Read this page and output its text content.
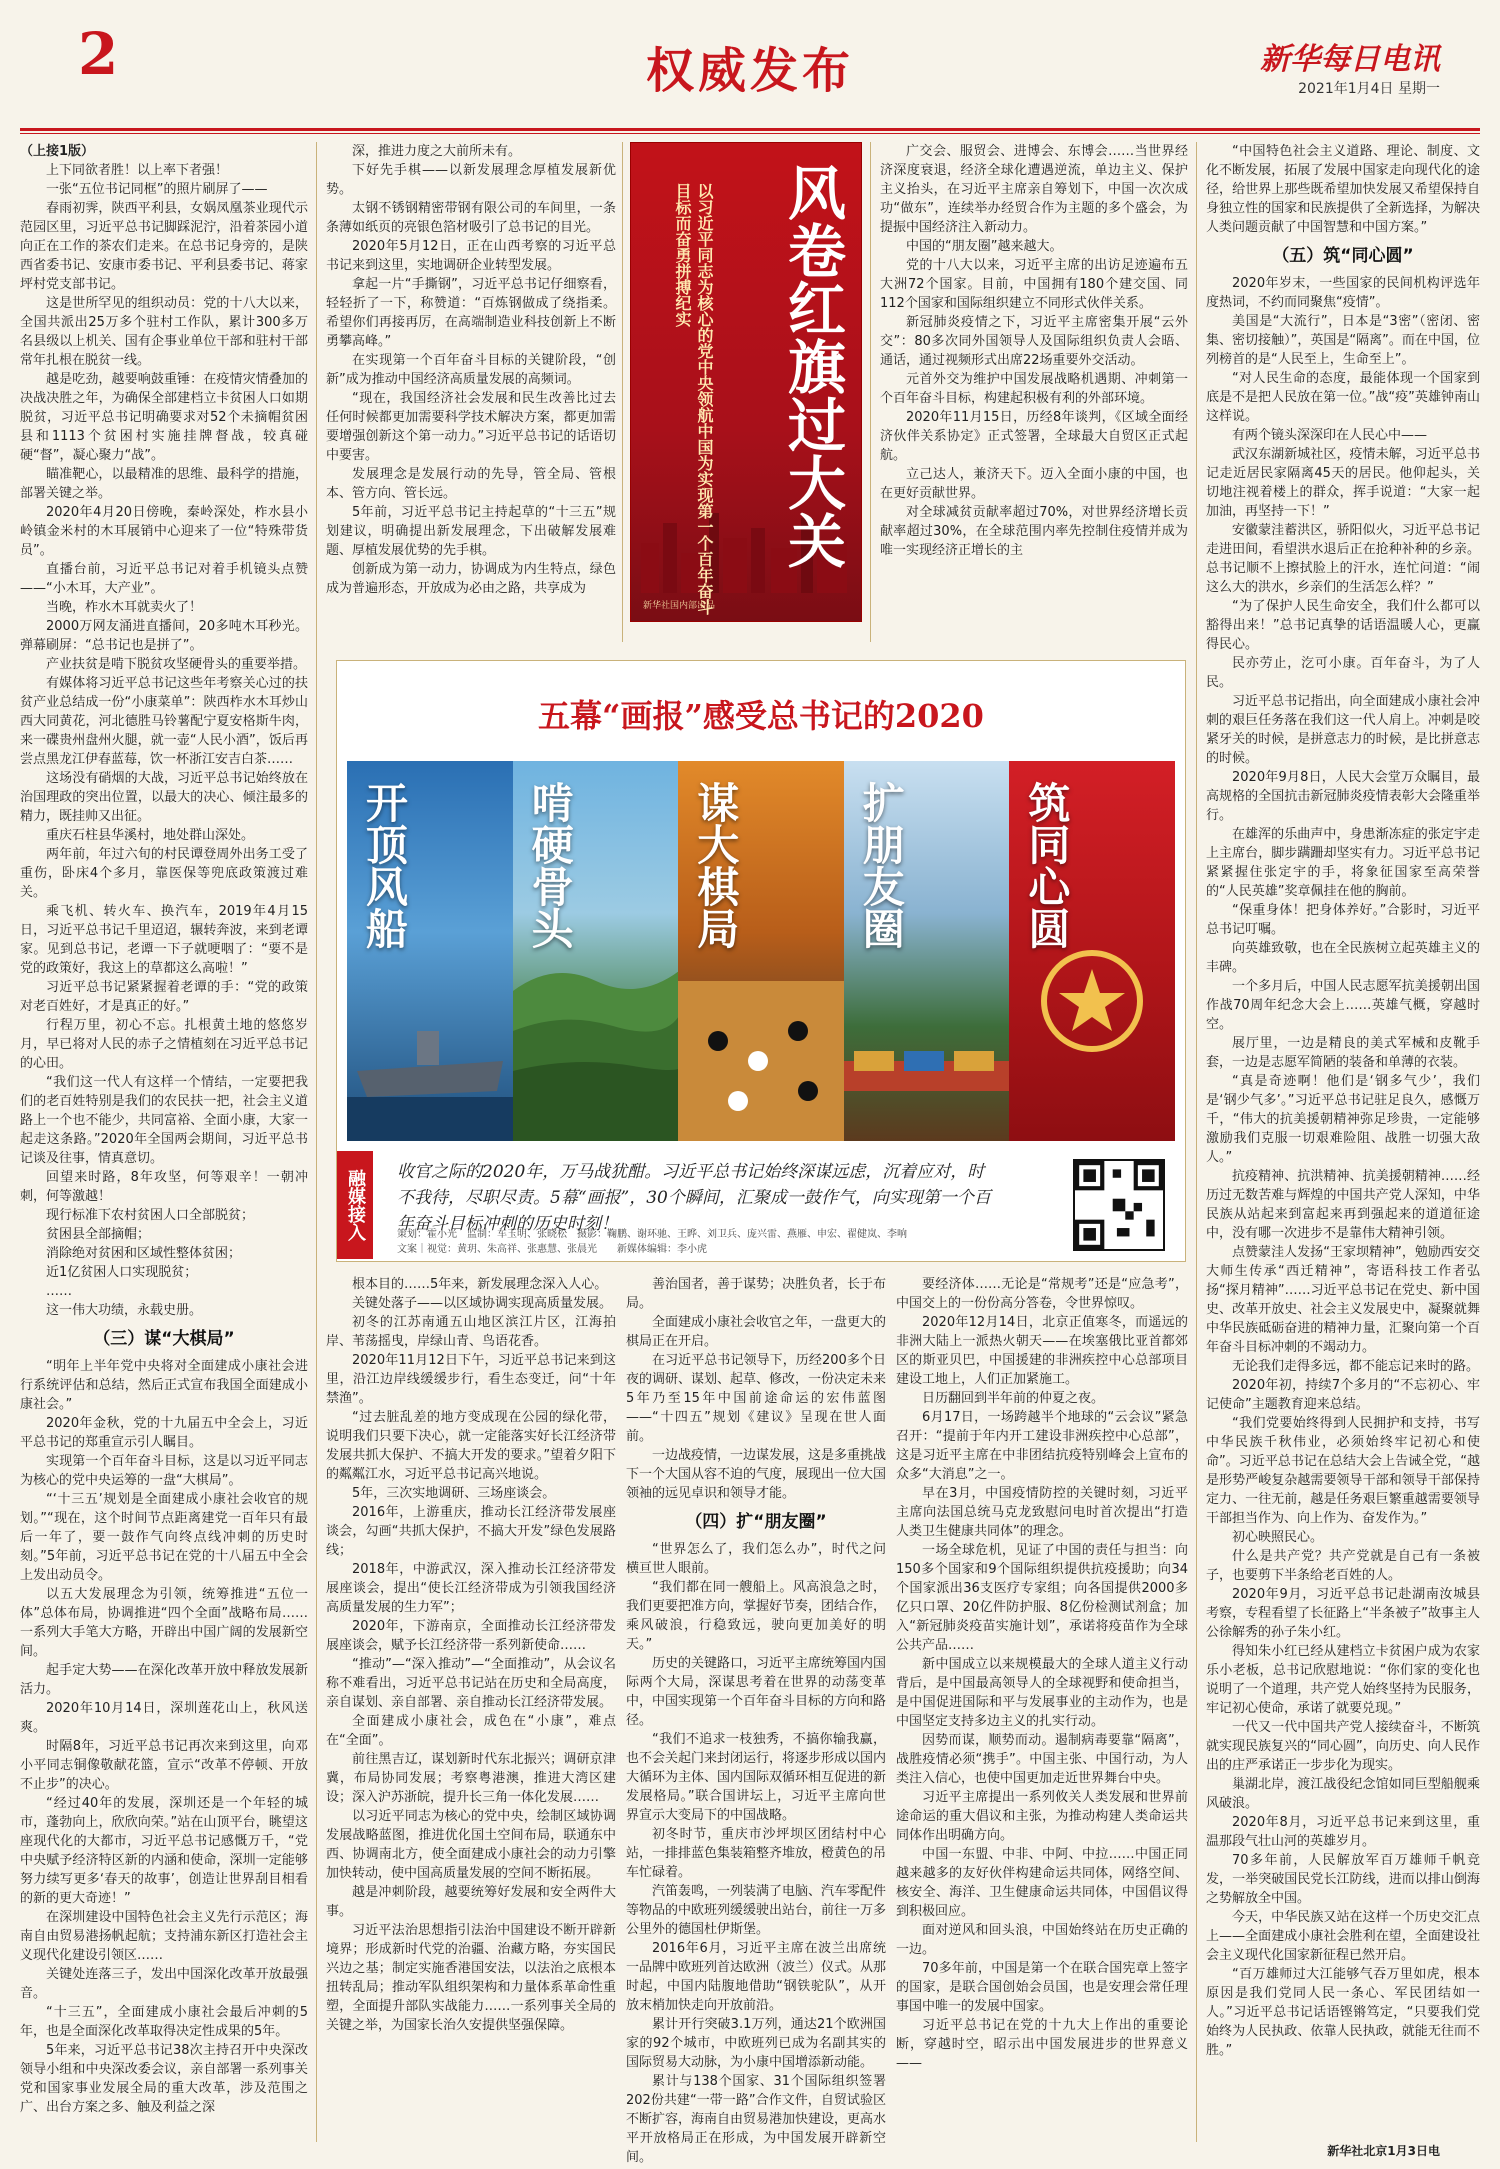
2	权威发布	新华每日电讯
2021年1月4日 星期一

（上接1版）

上下同欲者胜！以上率下者强！

一张“五位书记同框”的照片刷屏了——

春雨初霁，陕西平利县，女娲凤凰茶业现代示范园区里，习近平总书记脚踩泥泞，沿着茶园小道向正在工作的茶农们走来。在总书记身旁的，是陕西省委书记、安康市委书记、平利县委书记、蒋家坪村党支部书记。

这是世所罕见的组织动员：党的十八大以来，全国共派出25万多个驻村工作队，累计300多万名县级以上机关、国有企事业单位干部和驻村干部常年扎根在脱贫一线。

越是吃劲，越要响鼓重锤：在疫情灾情叠加的决战决胜之年，为确保全部建档立卡贫困人口如期脱贫，习近平总书记明确要求对52个未摘帽贫困县和1113个贫困村实施挂牌督战，较真碰硬“督”，凝心聚力“战”。

瞄准靶心，以最精准的思维、最科学的措施，部署关键之举。

2020年4月20日傍晚，秦岭深处，柞水县小岭镇金米村的木耳展销中心迎来了一位“特殊带货员”。

直播台前，习近平总书记对着手机镜头点赞——“小木耳，大产业”。

当晚，柞水木耳就卖火了！

2000万网友涌进直播间，20多吨木耳秒光。弹幕刷屏：“总书记也是拼了”。

产业扶贫是啃下脱贫攻坚硬骨头的重要举措。

有媒体将习近平总书记这些年考察关心过的扶贫产业总结成一份“小康菜单”：陕西柞水木耳炒山西大同黄花，河北德胜马铃薯配宁夏安格斯牛肉，来一碟贵州盘州火腿，就一壶“人民小酒”，饭后再尝点黑龙江伊春蓝莓，饮一杯浙江安吉白茶……

这场没有硝烟的大战，习近平总书记始终放在治国理政的突出位置，以最大的决心、倾注最多的精力，既挂帅又出征。

重庆石柱县华溪村，地处群山深处。

两年前，年过六旬的村民谭登周外出务工受了重伤，卧床4个多月，靠医保等兜底政策渡过难关。

乘飞机、转火车、换汽车，2019年4月15日，习近平总书记千里迢迢，辗转奔波，来到老谭家。见到总书记，老谭一下子就哽咽了：“要不是党的政策好，我这上的草都这么高啦！”

习近平总书记紧紧握着老谭的手：“党的政策对老百姓好，才是真正的好。”

行程万里，初心不忘。扎根黄土地的悠悠岁月，早已将对人民的赤子之情植刻在习近平总书记的心田。

“我们这一代人有这样一个情结，一定要把我们的老百姓特别是我们的农民扶一把，社会主义道路上一个也不能少，共同富裕、全面小康，大家一起走这条路。”2020年全国两会期间，习近平总书记谈及往事，情真意切。

回望来时路，8年攻坚，何等艰辛！一朝冲刺，何等激越！

现行标准下农村贫困人口全部脱贫；

贫困县全部摘帽；

消除绝对贫困和区域性整体贫困；

近1亿贫困人口实现脱贫；

……

这一伟大功绩，永载史册。

（三）谋“大棋局”

“明年上半年党中央将对全面建成小康社会进行系统评估和总结，然后正式宣布我国全面建成小康社会。”

2020年金秋，党的十九届五中全会上，习近平总书记的郑重宣示引人瞩目。

实现第一个百年奋斗目标，这是以习近平同志为核心的党中央运筹的一盘“大棋局”。

“‘十三五’规划是全面建成小康社会收官的规划。”“现在，这个时间节点距离建党一百年只有最后一年了，要一鼓作气向终点线冲刺的历史时刻。”5年前，习近平总书记在党的十八届五中全会上发出动员令。

以五大发展理念为引领，统筹推进“五位一体”总体布局，协调推进“四个全面”战略布局……一系列大手笔大方略，开辟出中国广阔的发展新空间。

起手定大势——在深化改革开放中释放发展新活力。

2020年10月14日，深圳莲花山上，秋风送爽。

时隔8年，习近平总书记再次来到这里，向邓小平同志铜像敬献花篮，宣示“改革不停顿、开放不止步”的决心。

“经过40年的发展，深圳还是一个年轻的城市，蓬勃向上，欣欣向荣。”站在山顶平台，眺望这座现代化的大都市，习近平总书记感慨万千，“党中央赋予经济特区新的内涵和使命，深圳一定能够努力续写更多‘春天的故事’，创造让世界刮目相看的新的更大奇迹！”

在深圳建设中国特色社会主义先行示范区；海南自由贸易港扬帆起航；支持浦东新区打造社会主义现代化建设引领区……

关键处连落三子，发出中国深化改革开放最强音。

“十三五”，全面建成小康社会最后冲刺的5年，也是全面深化改革取得决定性成果的5年。

5年来，习近平总书记38次主持召开中央深改领导小组和中央深改委会议，亲自部署一系列事关党和国家事业发展全局的重大改革，涉及范围之广、出台方案之多、触及利益之深

深，推进力度之大前所未有。

下好先手棋——以新发展理念厚植发展新优势。

太钢不锈钢精密带钢有限公司的车间里，一条条薄如纸页的亮银色箔材吸引了总书记的目光。

2020年5月12日，正在山西考察的习近平总书记来到这里，实地调研企业转型发展。

拿起一片“手撕钢”，习近平总书记仔细察看，轻轻折了一下，称赞道：“百炼钢做成了绕指柔。希望你们再接再厉，在高端制造业科技创新上不断勇攀高峰。”

在实现第一个百年奋斗目标的关键阶段，“创新”成为推动中国经济高质量发展的高频词。

“现在，我国经济社会发展和民生改善比过去任何时候都更加需要科学技术解决方案，都更加需要增强创新这个第一动力。”习近平总书记的话语切中要害。

发展理念是发展行动的先导，管全局、管根本、管方向、管长远。

5年前，习近平总书记主持起草的“十三五”规划建议，明确提出新发展理念，下出破解发展难题、厚植发展优势的先手棋。

创新成为第一动力，协调成为内生特点，绿色成为普遍形态，开放成为必由之路，共享成为

风卷红旗过大关
以习近平同志为核心的党中央领航中国为实现第一个百年奋斗目标而奋勇拼搏纪实
新华社国内部出品

广交会、服贸会、进博会、东博会……当世界经济深度衰退，经济全球化遭遇逆流，单边主义、保护主义抬头，在习近平主席亲自筹划下，中国一次次成功“做东”，连续举办经贸合作为主题的多个盛会，为提振中国经济注入新动力。

中国的“朋友圈”越来越大。

党的十八大以来，习近平主席的出访足迹遍布五大洲72个国家。目前，中国拥有180个建交国、同112个国家和国际组织建立不同形式伙伴关系。

新冠肺炎疫情之下，习近平主席密集开展“云外交”：80多次同外国领导人及国际组织负责人会晤、通话，通过视频形式出席22场重要外交活动。

元首外交为维护中国发展战略机遇期、冲刺第一个百年奋斗目标，构建起积极有利的外部环境。

2020年11月15日，历经8年谈判，《区域全面经济伙伴关系协定》正式签署，全球最大自贸区正式起航。

立己达人，兼济天下。迈入全面小康的中国，也在更好贡献世界。

对全球减贫贡献率超过70%，对世界经济增长贡献率超过30%，在全球范围内率先控制住疫情并成为唯一实现经济正增长的主

五幕“画报”感受总书记的2020
开顶风船	啃硬骨头	谋大棋局	扩朋友圈	筑同心圆
融媒接入	收官之际的2020年，万马战犹酣。习近平总书记始终深谋远虑，沉着应对，时不我待，尽职尽责。5幕“画报”，30个瞬间，汇聚成一鼓作气，向实现第一个百年奋斗目标冲刺的历史时刻！
策划：霍小光　监制：车玉明、张晓松　摄影：鞠鹏、谢环驰、王晔、刘卫兵、庞兴雷、燕雁、申宏、翟健岚、李响
文案｜视觉：黄玥、朱高祥、张惠慧、张晨光　　新媒体编辑：李小虎

根本目的……5年来，新发展理念深入人心。

关键处落子——以区域协调实现高质量发展。

初冬的江苏南通五山地区滨江片区，江海拍岸、苇荡摇曳，岸绿山青、鸟语花香。

2020年11月12日下午，习近平总书记来到这里，沿江边岸线缓缓步行，看生态变迁，问“十年禁渔”。

“过去脏乱差的地方变成现在公园的绿化带，说明我们只要下决心，就一定能落实好长江经济带发展共抓大保护、不搞大开发的要求。”望着夕阳下的粼粼江水，习近平总书记高兴地说。

5年，三次实地调研、三场座谈会。

2016年，上游重庆，推动长江经济带发展座谈会，勾画“共抓大保护，不搞大开发”绿色发展路线；

2018年，中游武汉，深入推动长江经济带发展座谈会，提出“使长江经济带成为引领我国经济高质量发展的生力军”；

2020年，下游南京，全面推动长江经济带发展座谈会，赋予长江经济带一系列新使命……

“推动”—“深入推动”—“全面推动”，从会议名称不难看出，习近平总书记站在历史和全局高度，亲自谋划、亲自部署、亲自推动长江经济带发展。

全面建成小康社会，成色在“小康”，难点在“全面”。

前往黑吉辽，谋划新时代东北振兴；调研京津冀，布局协同发展；考察粤港澳，推进大湾区建设；深入沪苏浙皖，提升长三角一体化发展……

以习近平同志为核心的党中央，绘制区域协调发展战略蓝图，推进优化国土空间布局，联通东中西、协调南北方，使全面建成小康社会的动力引擎加快转动，使中国高质量发展的空间不断拓展。

越是冲刺阶段，越要统筹好发展和安全两件大事。

习近平法治思想指引法治中国建设不断开辟新境界；形成新时代党的治疆、治藏方略，夯实国民兴边之基；制定实施香港国安法，以法治之底根本扭转乱局；推动军队组织架构和力量体系革命性重塑，全面提升部队实战能力……一系列事关全局的关键之举，为国家长治久安提供坚强保障。

善治国者，善于谋势；决胜负者，长于布局。

全面建成小康社会收官之年，一盘更大的棋局正在开启。

在习近平总书记领导下，历经200多个日夜的调研、谋划、起草、修改，一份决定未来5年乃至15年中国前途命运的宏伟蓝图——“十四五”规划《建议》呈现在世人面前。

一边战疫情，一边谋发展，这是多重挑战下一个大国从容不迫的气度，展现出一位大国领袖的远见卓识和领导才能。

（四）扩“朋友圈”

“世界怎么了，我们怎么办”，时代之问横亘世人眼前。

“我们都在同一艘船上。风高浪急之时，我们更要把准方向，掌握好节奏，团结合作，乘风破浪，行稳致远，驶向更加美好的明天。”

历史的关键路口，习近平主席统筹国内国际两个大局，深谋思考着在世界的动荡变革中，中国实现第一个百年奋斗目标的方向和路径。

“我们不追求一枝独秀，不搞你输我赢，也不会关起门来封闭运行，将逐步形成以国内大循环为主体、国内国际双循环相互促进的新发展格局。”联合国讲坛上，习近平主席向世界宣示大变局下的中国战略。

初冬时节，重庆市沙坪坝区团结村中心站，一排排蓝色集装箱整齐堆放，橙黄色的吊车忙碌着。

汽笛轰鸣，一列装满了电脑、汽车零配件等物品的中欧班列缓缓驶出站台，前往一万多公里外的德国杜伊斯堡。

2016年6月，习近平主席在波兰出席统一品牌中欧班列首达欧洲（波兰）仪式。从那时起，中国内陆腹地借助“钢铁驼队”，从开放末梢加快走向开放前沿。

累计开行突破3.1万列，通达21个欧洲国家的92个城市，中欧班列已成为名副其实的国际贸易大动脉，为小康中国增添新动能。

累计与138个国家、31个国际组织签署202份共建“一带一路”合作文件，自贸试验区不断扩容，海南自由贸易港加快建设，更高水平开放格局正在形成，为中国发展开辟新空间。

要经济体……无论是“常规考”还是“应急考”，中国交上的一份份高分答卷，令世界惊叹。

2020年12月14日，北京正值寒冬，而遥远的非洲大陆上一派热火朝天——在埃塞俄比亚首都郊区的斯亚贝巴，中国援建的非洲疾控中心总部项目建设工地上，人们正加紧施工。

日历翻回到半年前的仲夏之夜。

6月17日，一场跨越半个地球的“云会议”紧急召开：“提前于年内开工建设非洲疾控中心总部”，这是习近平主席在中非团结抗疫特别峰会上宣布的众多“大消息”之一。

早在3月，中国疫情防控的关键时刻，习近平主席向法国总统马克龙致慰问电时首次提出“打造人类卫生健康共同体”的理念。

一场全球危机，见证了中国的责任与担当：向150多个国家和9个国际组织提供抗疫援助；向34个国家派出36支医疗专家组；向各国提供2000多亿只口罩、20亿件防护服、8亿份检测试剂盒；加入“新冠肺炎疫苗实施计划”，承诺将疫苗作为全球公共产品……

新中国成立以来规模最大的全球人道主义行动背后，是中国最高领导人的全球视野和使命担当，是中国促进国际和平与发展事业的主动作为，也是中国坚定支持多边主义的扎实行动。

因势而谋，顺势而动。遏制病毒要靠“隔离”，战胜疫情必须“携手”。中国主张、中国行动，为人类注入信心，也使中国更加走近世界舞台中央。

习近平主席提出一系列攸关人类发展和世界前途命运的重大倡议和主张，为推动构建人类命运共同体作出明确方向。

中国一东盟、中非、中阿、中拉……中国正同越来越多的友好伙伴构建命运共同体，网络空间、核安全、海洋、卫生健康命运共同体，中国倡议得到积极回应。

面对逆风和回头浪，中国始终站在历史正确的一边。

70多年前，中国是第一个在联合国宪章上签字的国家，是联合国创始会员国，也是安理会常任理事国中唯一的发展中国家。

习近平总书记在党的十九大上作出的重要论断，穿越时空，昭示出中国发展进步的世界意义——

“中国特色社会主义道路、理论、制度、文化不断发展，拓展了发展中国家走向现代化的途径，给世界上那些既希望加快发展又希望保持自身独立性的国家和民族提供了全新选择，为解决人类问题贡献了中国智慧和中国方案。”

（五）筑“同心圆”

2020年岁末，一些国家的民间机构评选年度热词，不约而同聚焦“疫情”。

美国是“大流行”，日本是“3密”（密闭、密集、密切接触）”，英国是“隔离”。而在中国，位列榜首的是“人民至上，生命至上”。

“对人民生命的态度，最能体现一个国家到底是不是把人民放在第一位。”战“疫”英雄钟南山这样说。

有两个镜头深深印在人民心中——

武汉东湖新城社区，疫情未解，习近平总书记走近居民家隔离45天的居民。他仰起头，关切地注视着楼上的群众，挥手说道：“大家一起加油，再坚持一下！”

安徽蒙洼蓄洪区，骄阳似火，习近平总书记走进田间，看望洪水退后正在抢种补种的乡亲。总书记顺不上擦拭脸上的汗水，连忙问道：“闹这么大的洪水，乡亲们的生活怎么样？”

“为了保护人民生命安全，我们什么都可以豁得出来！”总书记真挚的话语温暖人心，更赢得民心。

民亦劳止，汔可小康。百年奋斗，为了人民。

习近平总书记指出，向全面建成小康社会冲刺的艰巨任务落在我们这一代人肩上。冲刺是咬紧牙关的时候，是拼意志力的时候，是比拼意志的时候。

2020年9月8日，人民大会堂万众瞩目，最高规格的全国抗击新冠肺炎疫情表彰大会隆重举行。

在雄浑的乐曲声中，身患渐冻症的张定宇走上主席台，脚步蹒跚却坚实有力。习近平总书记紧紧握住张定宇的手，将象征国家至高荣誉的“人民英雄”奖章佩挂在他的胸前。

“保重身体！把身体养好。”合影时，习近平总书记叮嘱。

向英雄致敬，也在全民族树立起英雄主义的丰碑。

一个多月后，中国人民志愿军抗美援朝出国作战70周年纪念大会上……英雄气概，穿越时空。

展厅里，一边是精良的美式军械和皮靴手套，一边是志愿军简陋的装备和单薄的衣装。

“真是奇迹啊！他们是‘钢多气少’，我们是‘钢少气多’。”习近平总书记驻足良久，感慨万千，“伟大的抗美援朝精神弥足珍贵，一定能够激励我们克服一切艰难险阻、战胜一切强大敌人。”

抗疫精神、抗洪精神、抗美援朝精神……经历过无数苦难与辉煌的中国共产党人深知，中华民族从站起来到富起来再到强起来的道道征途中，没有哪一次进步不是靠伟大精神引领。

点赞蒙洼人发扬“王家坝精神”，勉励西安交大师生传承“西迁精神”，寄语科技工作者弘扬“探月精神”……习近平总书记在党史、新中国史、改革开放史、社会主义发展史中，凝聚就舞中华民族砥砺奋进的精神力量，汇聚向第一个百年奋斗目标冲刺的不竭动力。

无论我们走得多远，都不能忘记来时的路。

2020年初，持续7个多月的“不忘初心、牢记使命”主题教育迎来总结。

“我们党要始终得到人民拥护和支持，书写中华民族千秋伟业，必须始终牢记初心和使命”。习近平总书记在总结大会上告诫全党，“越是形势严峻复杂越需要领导干部和领导干部保持定力、一往无前，越是任务艰巨繁重越需要领导干部担当作为、向上作为、奋发作为。”

初心映照民心。

什么是共产党？共产党就是自己有一条被子，也要剪下半条给老百姓的人。

2020年9月，习近平总书记赴湖南汝城县考察，专程看望了长征路上“半条被子”故事主人公徐解秀的孙子朱小红。

得知朱小红已经从建档立卡贫困户成为农家乐小老板，总书记欣慰地说：“你们家的变化也说明了一个道理，共产党人始终坚持为民服务，牢记初心使命，承诺了就要兑现。”

一代又一代中国共产党人接续奋斗，不断筑就实现民族复兴的“同心圆”，向历史、向人民作出的庄严承诺正一步步化为现实。

巢湖北岸，渡江战役纪念馆如同巨型船舰乘风破浪。

2020年8月，习近平总书记来到这里，重温那段气壮山河的英雄岁月。

70多年前，人民解放军百万雄师千帆竞发，一举突破国民党长江防线，进而以排山倒海之势解放全中国。

今天，中华民族又站在这样一个历史交汇点上——全面建成小康社会胜利在望，全面建设社会主义现代化国家新征程已然开启。

“百万雄师过大江能够气吞万里如虎，根本原因是我们党同人民一条心、军民团结如一人。”习近平总书记话语铿锵笃定，“只要我们党始终为人民执政、依靠人民执政，就能无往而不胜。”

新华社北京1月3日电
